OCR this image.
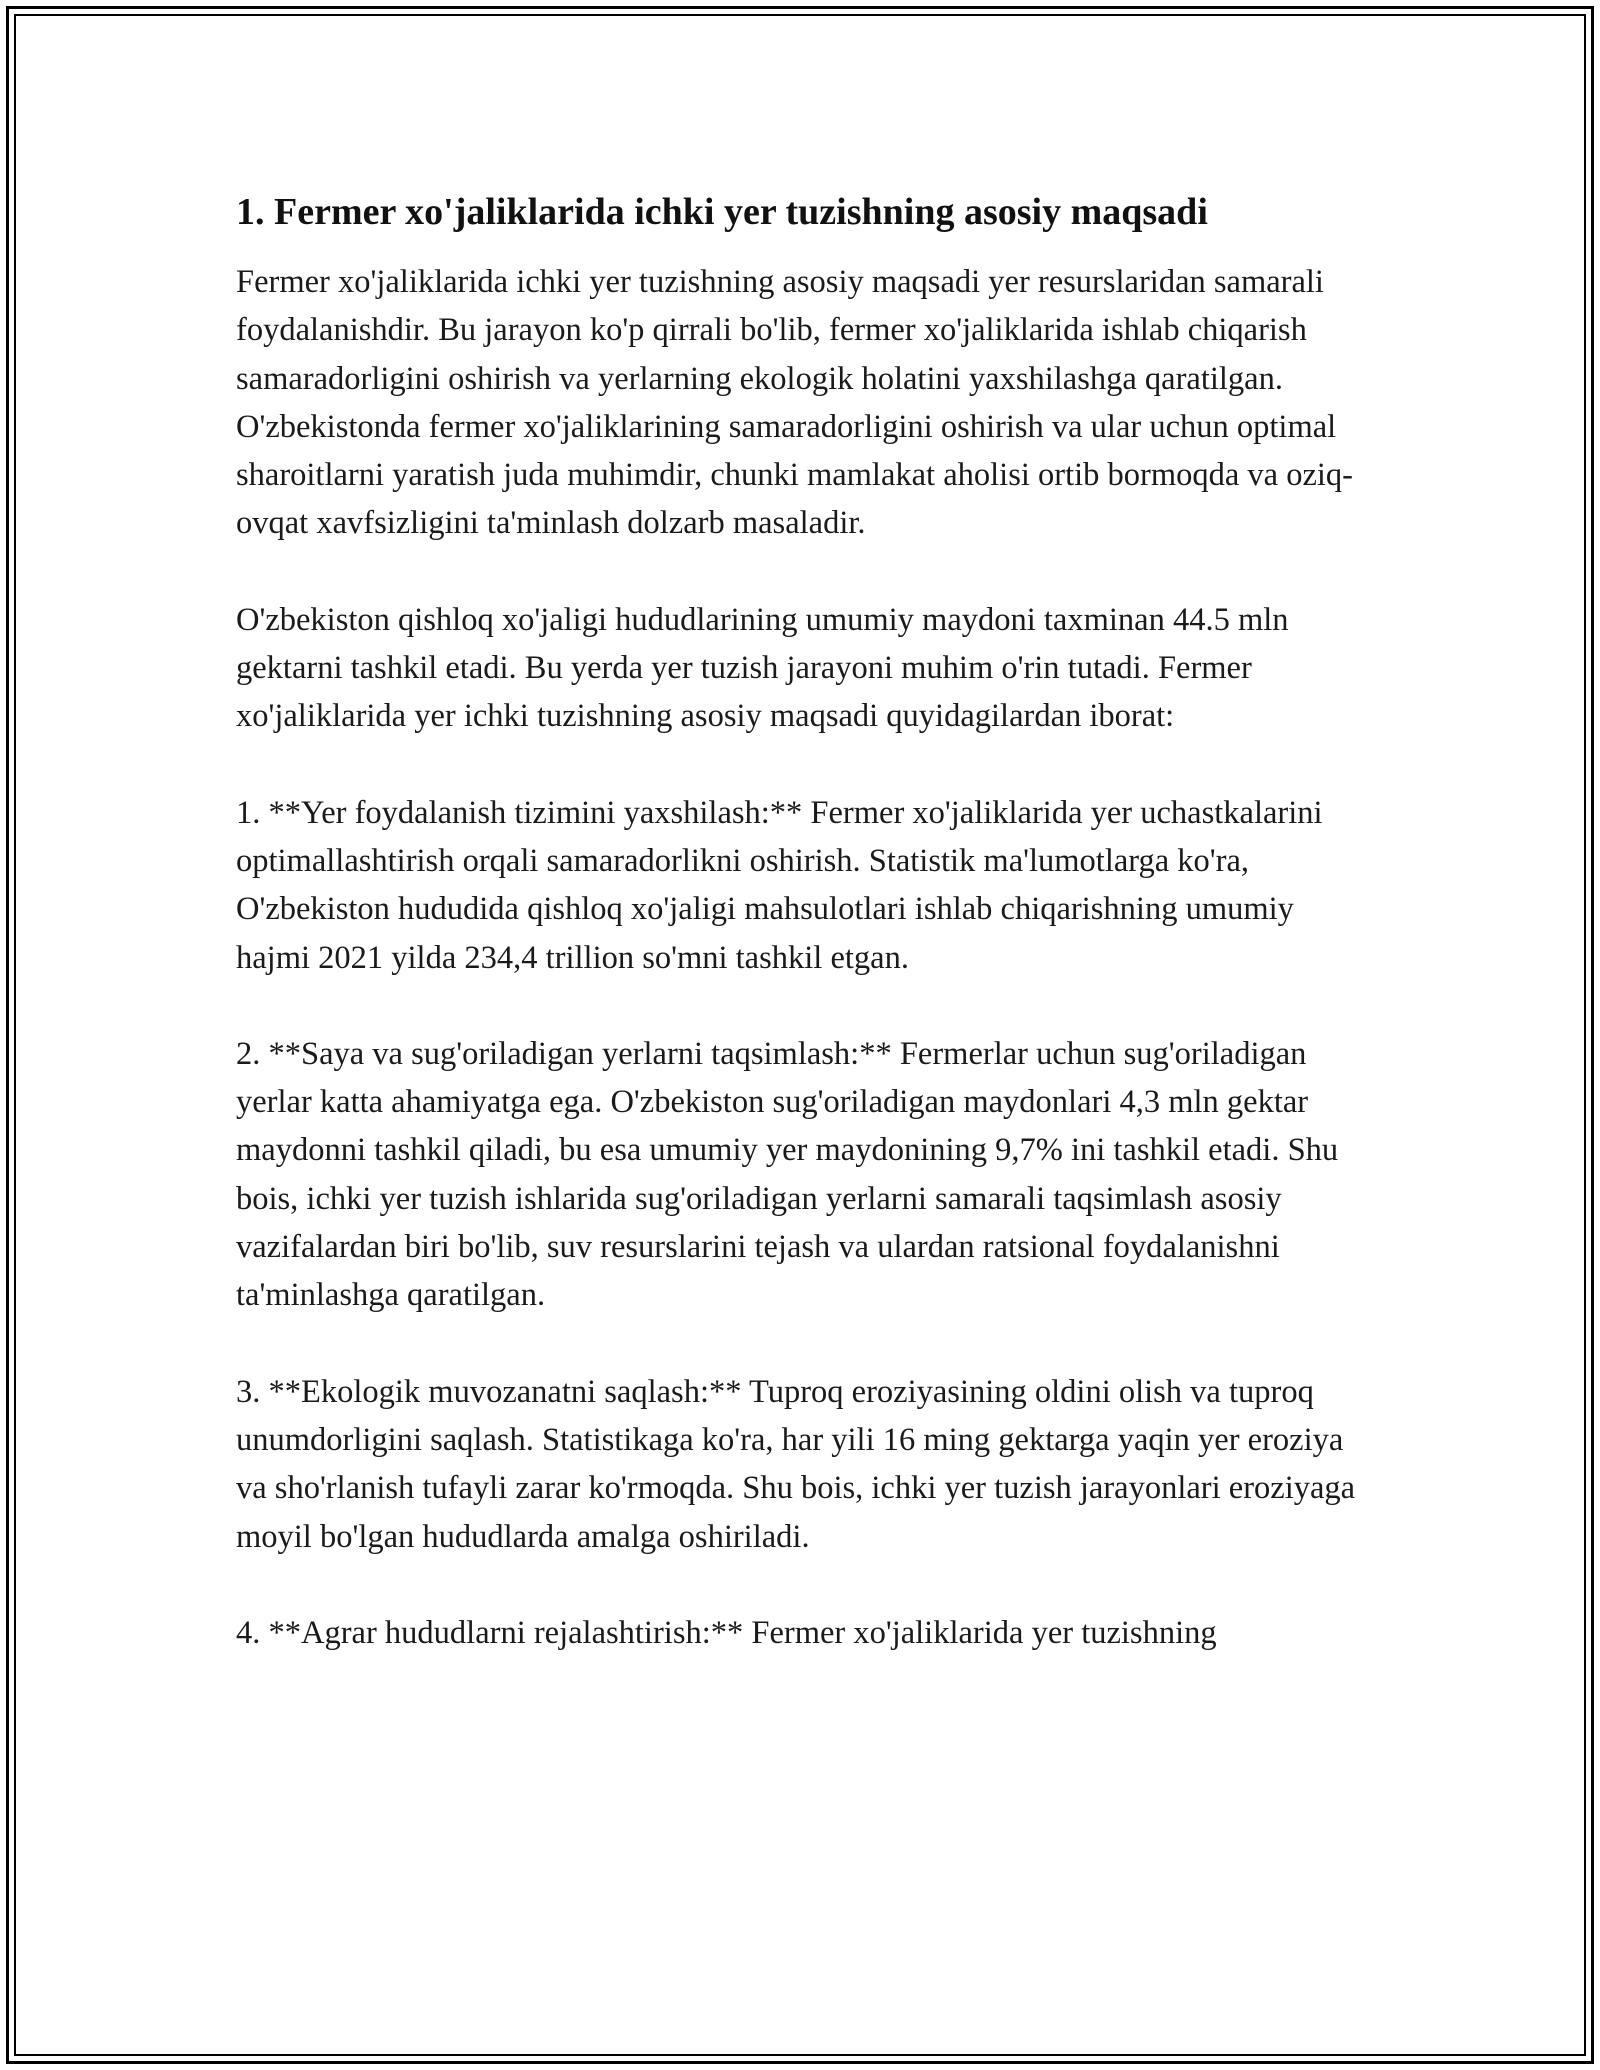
1. Fermer xo'jaliklarida ichki yer tuzishning asosiy maqsadi

Fermer xo'jaliklarida ichki yer tuzishning asosiy maqsadi yer resurslaridan samarali foydalanishdir. Bu jarayon ko'p qirrali bo'lib, fermer xo'jaliklarida ishlab chiqarish samaradorligini oshirish va yerlarning ekologik holatini yaxshilashga qaratilgan. O'zbekistonda fermer xo'jaliklarining samaradorligini oshirish va ular uchun optimal sharoitlarni yaratish juda muhimdir, chunki mamlakat aholisi ortib bormoqda va oziq-ovqat xavfsizligini ta'minlash dolzarb masaladir.

O'zbekiston qishloq xo'jaligi hududlarining umumiy maydoni taxminan 44.5 mln gektarni tashkil etadi. Bu yerda yer tuzish jarayoni muhim o'rin tutadi. Fermer xo'jaliklarida yer ichki tuzishning asosiy maqsadi quyidagilardan iborat:

1. **Yer foydalanish tizimini yaxshilash:** Fermer xo'jaliklarida yer uchastkalarini optimallashtirish orqali samaradorlikni oshirish. Statistik ma'lumotlarga ko'ra, O'zbekiston hududida qishloq xo'jaligi mahsulotlari ishlab chiqarishning umumiy hajmi 2021 yilda 234,4 trillion so'mni tashkil etgan.

2. **Saya va sug'oriladigan yerlarni taqsimlash:** Fermerlar uchun sug'oriladigan yerlar katta ahamiyatga ega. O'zbekiston sug'oriladigan maydonlari 4,3 mln gektar maydonni tashkil qiladi, bu esa umumiy yer maydonining 9,7% ini tashkil etadi. Shu bois, ichki yer tuzish ishlarida sug'oriladigan yerlarni samarali taqsimlash asosiy vazifalardan biri bo'lib, suv resurslarini tejash va ulardan ratsional foydalanishni ta'minlashga qaratilgan.

3. **Ekologik muvozanatni saqlash:** Tuproq eroziyasining oldini olish va tuproq unumdorligini saqlash. Statistikaga ko'ra, har yili 16 ming gektarga yaqin yer eroziya va sho'rlanish tufayli zarar ko'rmoqda. Shu bois, ichki yer tuzish jarayonlari eroziyaga moyil bo'lgan hududlarda amalga oshiriladi.

4. **Agrar hududlarni rejalashtirish:** Fermer xo'jaliklarida yer tuzishning
